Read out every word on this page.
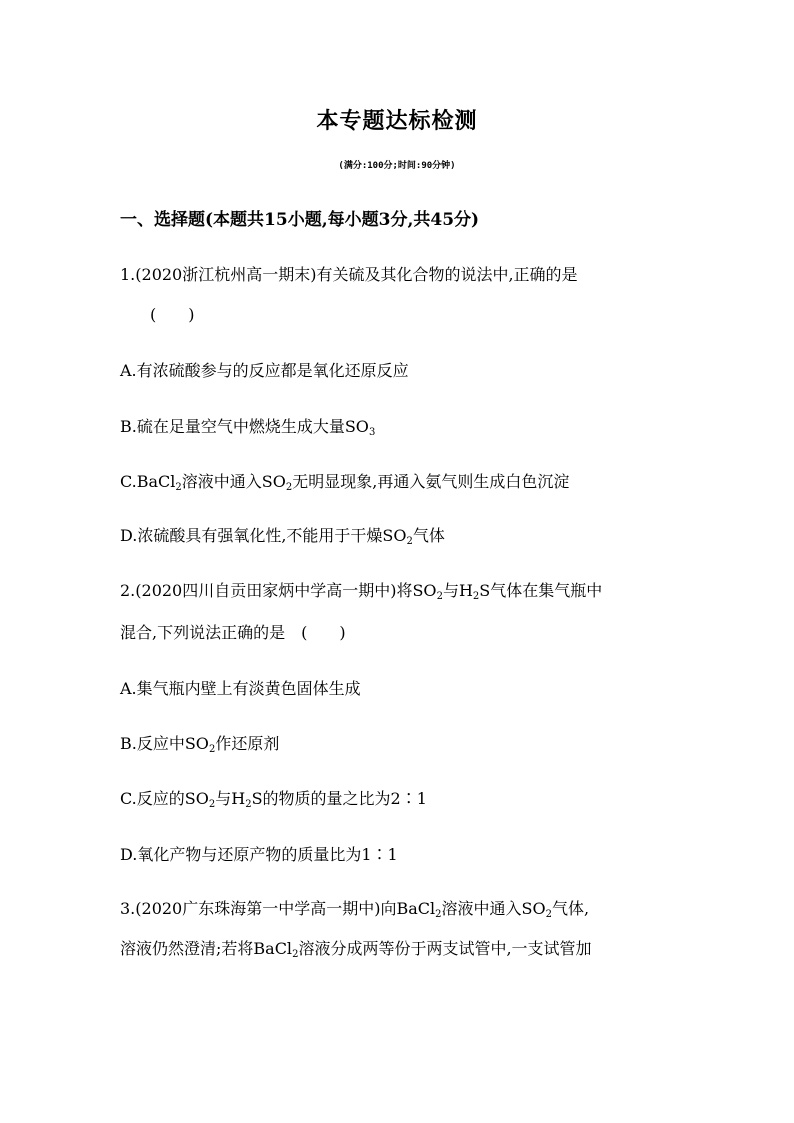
本专题达标检测
(满分:100分;时间:90分钟)
一、选择题(本题共15小题,每小题3分,共45分)
1.(2020浙江杭州高一期末)有关硫及其化合物的说法中,正确的是
(　　)
A.有浓硫酸参与的反应都是氧化还原反应
B.硫在足量空气中燃烧生成大量$SO_3$
C.BaCl$_2$溶液中通入$SO_2$无明显现象,再通入氨气则生成白色沉淀
D.浓硫酸具有强氧化性,不能用于干燥$SO_2$气体
2.(2020四川自贡田家炳中学高一期中)将$SO_2$与$H_2S$气体在集气瓶中
混合,下列说法正确的是　(　　)
A.集气瓶内壁上有淡黄色固体生成
B.反应中$SO_2$作还原剂
C.反应的$SO_2$与$H_2S$的物质的量之比为2∶1
D.氧化产物与还原产物的质量比为1∶1
3.(2020广东珠海第一中学高一期中)向BaCl$_2$溶液中通入$SO_2$气体,
溶液仍然澄清;若将BaCl$_2$溶液分成两等份于两支试管中,一支试管加
